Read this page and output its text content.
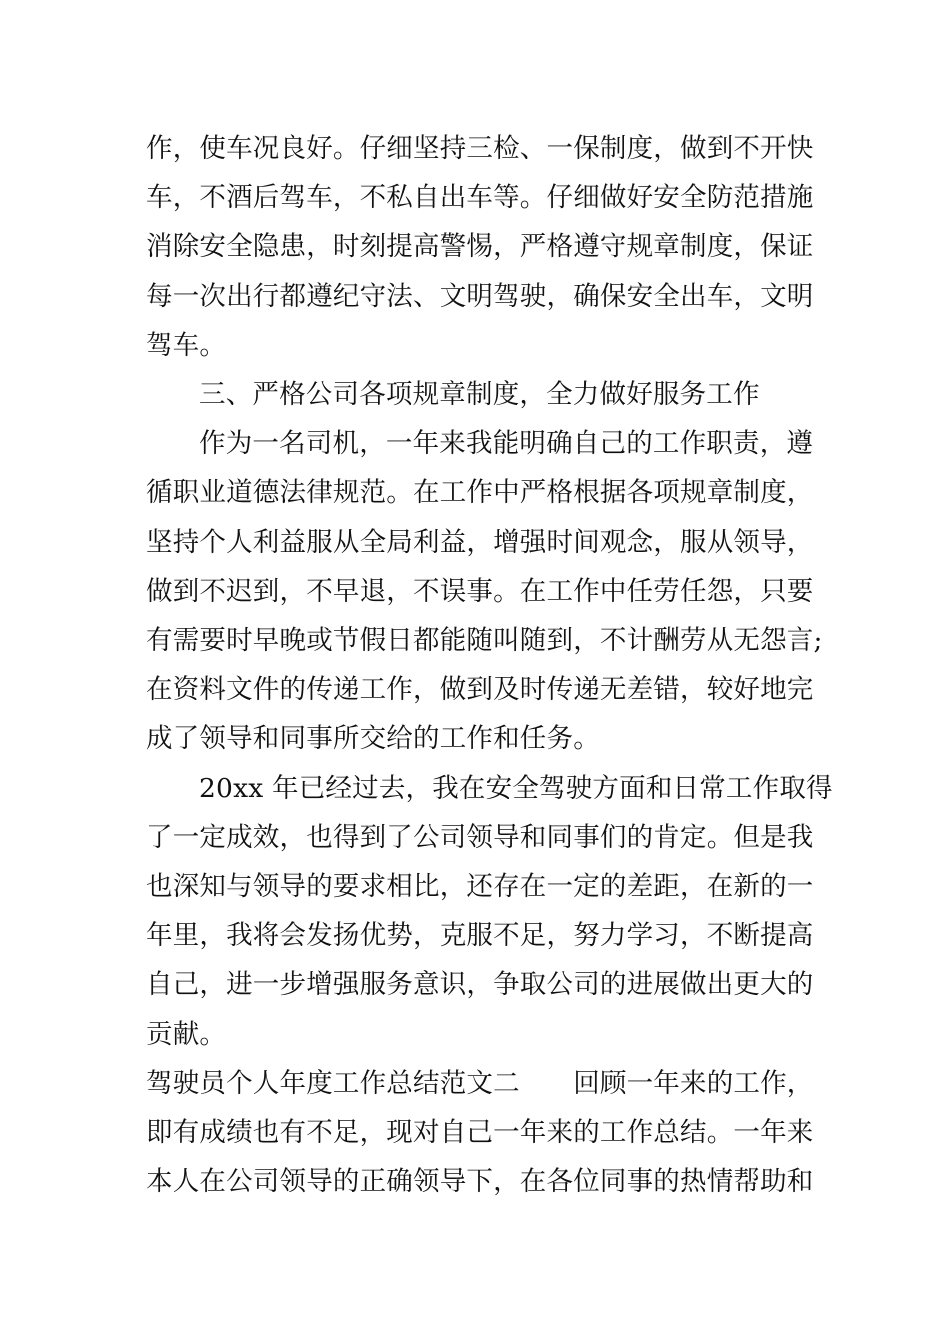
作，使车况良好。仔细坚持三检、一保制度，做到不开快

车，不酒后驾车，不私自出车等。仔细做好安全防范措施

消除安全隐患，时刻提高警惕，严格遵守规章制度，保证

每一次出行都遵纪守法、文明驾驶，确保安全出车，文明

驾车。

三、严格公司各项规章制度，全力做好服务工作

作为一名司机，一年来我能明确自己的工作职责，遵

循职业道德法律规范。在工作中严格根据各项规章制度，

坚持个人利益服从全局利益，增强时间观念，服从领导，

做到不迟到，不早退，不误事。在工作中任劳任怨，只要

有需要时早晚或节假日都能随叫随到，不计酬劳从无怨言;

在资料文件的传递工作，做到及时传递无差错，较好地完

成了领导和同事所交给的工作和任务。

20xx 年已经过去，我在安全驾驶方面和日常工作取得

了一定成效，也得到了公司领导和同事们的肯定。但是我

也深知与领导的要求相比，还存在一定的差距，在新的一

年里，我将会发扬优势，克服不足，努力学习，不断提高

自己，进一步增强服务意识，争取公司的进展做出更大的

贡献。

驾驶员个人年度工作总结范文二　　回顾一年来的工作，

即有成绩也有不足，现对自己一年来的工作总结。一年来

本人在公司领导的正确领导下，在各位同事的热情帮助和
